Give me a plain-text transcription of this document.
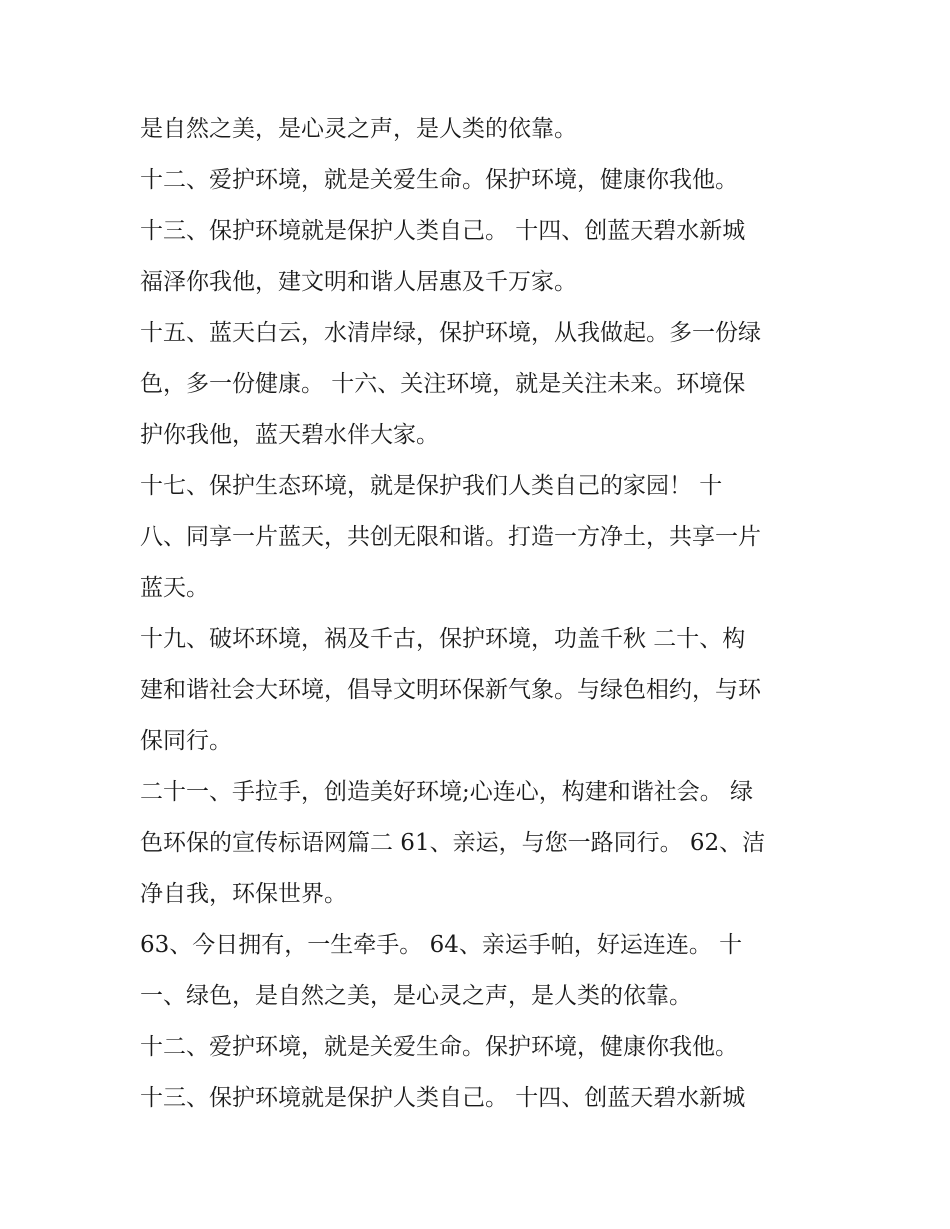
是自然之美，是心灵之声，是人类的依靠。
十二、爱护环境，就是关爱生命。保护环境，健康你我他。
十三、保护环境就是保护人类自己。 十四、创蓝天碧水新城
福泽你我他，建文明和谐人居惠及千万家。
十五、蓝天白云，水清岸绿，保护环境，从我做起。多一份绿
色，多一份健康。 十六、关注环境，就是关注未来。环境保
护你我他，蓝天碧水伴大家。
十七、保护生态环境，就是保护我们人类自己的家园！ 十
八、同享一片蓝天，共创无限和谐。打造一方净土，共享一片
蓝天。
十九、破坏环境，祸及千古，保护环境，功盖千秋 二十、构
建和谐社会大环境，倡导文明环保新气象。与绿色相约，与环
保同行。
二十一、手拉手，创造美好环境;心连心，构建和谐社会。 绿
色环保的宣传标语网篇二 61、亲运，与您一路同行。 62、洁
净自我，环保世界。
63、今日拥有，一生牵手。 64、亲运手帕，好运连连。 十
一、绿色，是自然之美，是心灵之声，是人类的依靠。
十二、爱护环境，就是关爱生命。保护环境，健康你我他。
十三、保护环境就是保护人类自己。 十四、创蓝天碧水新城
